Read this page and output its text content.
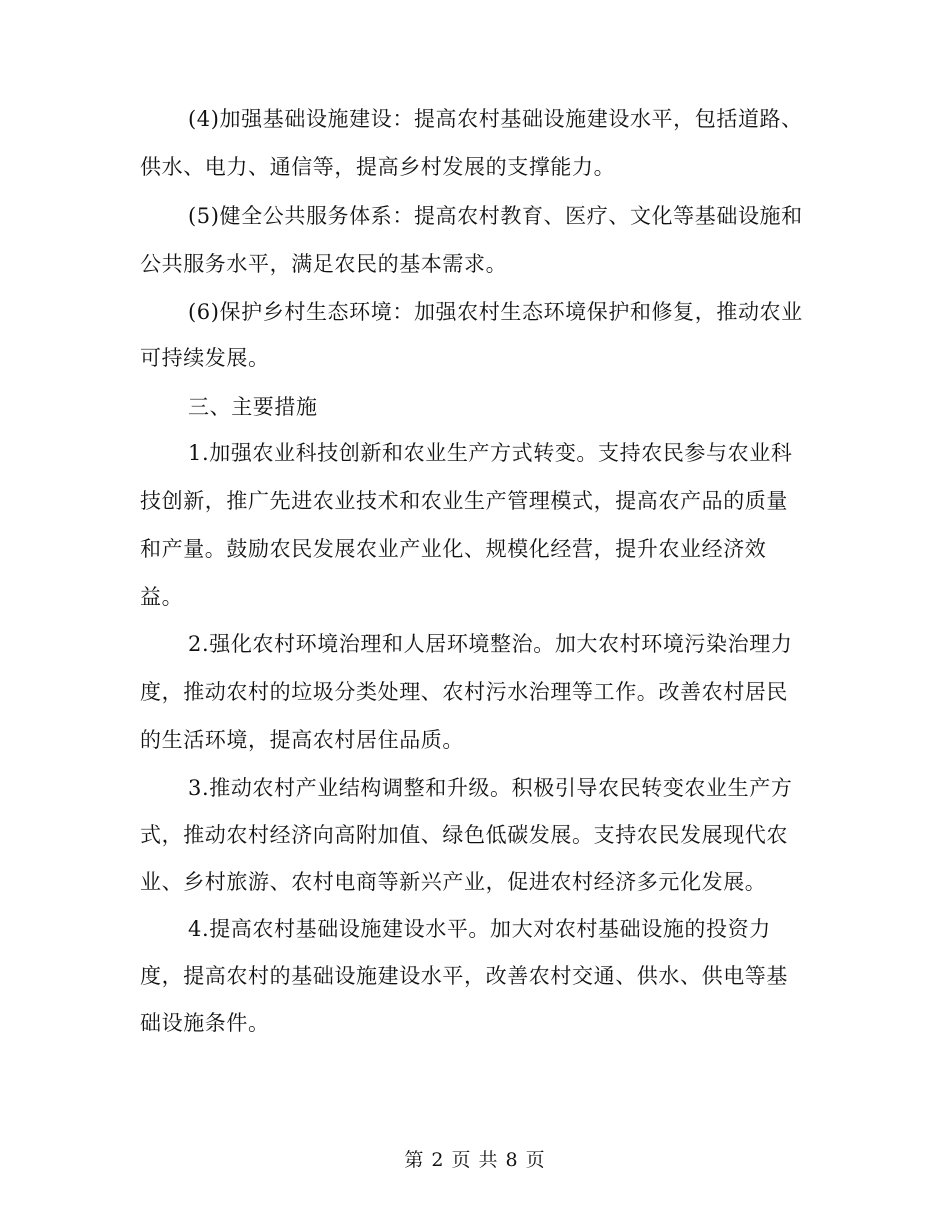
(4)加强基础设施建设：提高农村基础设施建设水平，包括道路、
供水、电力、通信等，提高乡村发展的支撑能力。
(5)健全公共服务体系：提高农村教育、医疗、文化等基础设施和
公共服务水平，满足农民的基本需求。
(6)保护乡村生态环境：加强农村生态环境保护和修复，推动农业
可持续发展。
三、主要措施
1.加强农业科技创新和农业生产方式转变。支持农民参与农业科
技创新，推广先进农业技术和农业生产管理模式，提高农产品的质量
和产量。鼓励农民发展农业产业化、规模化经营，提升农业经济效
益。
2.强化农村环境治理和人居环境整治。加大农村环境污染治理力
度，推动农村的垃圾分类处理、农村污水治理等工作。改善农村居民
的生活环境，提高农村居住品质。
3.推动农村产业结构调整和升级。积极引导农民转变农业生产方
式，推动农村经济向高附加值、绿色低碳发展。支持农民发展现代农
业、乡村旅游、农村电商等新兴产业，促进农村经济多元化发展。
4.提高农村基础设施建设水平。加大对农村基础设施的投资力
度，提高农村的基础设施建设水平，改善农村交通、供水、供电等基
础设施条件。
第 2 页 共 8 页
